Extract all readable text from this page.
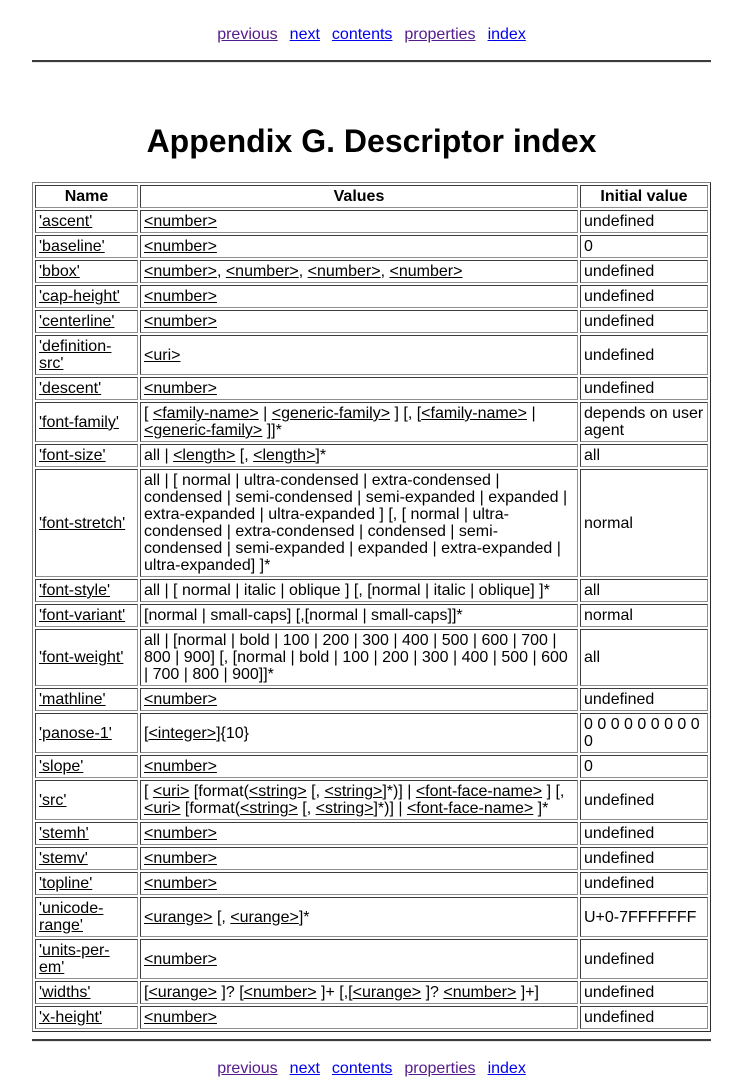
previous next contents properties index
Appendix G. Descriptor index
Name	Values	Initial value
'ascent'	<number>	undefined
'baseline'	<number>	0
'bbox'	<number>, <number>, <number>, <number>	undefined
'cap-height'	<number>	undefined
'centerline'	<number>	undefined
'definition-src'	<uri>	undefined
'descent'	<number>	undefined
'font-family'	[ <family-name> | <generic-family> ] [, [<family-name> | <generic-family> ]]*	depends on user agent
'font-size'	all | <length> [, <length>]*	all
'font-stretch'	all | [ normal | ultra-condensed | extra-condensed | condensed | semi-condensed | semi-expanded | expanded | extra-expanded | ultra-expanded ] [, [ normal | ultra-condensed | extra-condensed | condensed | semi-condensed | semi-expanded | expanded | extra-expanded | ultra-expanded] ]*	normal
'font-style'	all | [ normal | italic | oblique ] [, [normal | italic | oblique] ]*	all
'font-variant'	[normal | small-caps] [,[normal | small-caps]]*	normal
'font-weight'	all | [normal | bold | 100 | 200 | 300 | 400 | 500 | 600 | 700 | 800 | 900] [, [normal | bold | 100 | 200 | 300 | 400 | 500 | 600 | 700 | 800 | 900]]*	all
'mathline'	<number>	undefined
'panose-1'	[<integer>]{10}	0 0 0 0 0 0 0 0 0 0
'slope'	<number>	0
'src'	[ <uri> [format(<string> [, <string>]*)] | <font-face-name> ] [, <uri> [format(<string> [, <string>]*)] | <font-face-name> ]*	undefined
'stemh'	<number>	undefined
'stemv'	<number>	undefined
'topline'	<number>	undefined
'unicode-range'	<urange> [, <urange>]*	U+0-7FFFFFFF
'units-per-em'	<number>	undefined
'widths'	[<urange> ]? [<number> ]+ [,[<urange> ]? <number> ]+]	undefined
'x-height'	<number>	undefined
previous next contents properties index
